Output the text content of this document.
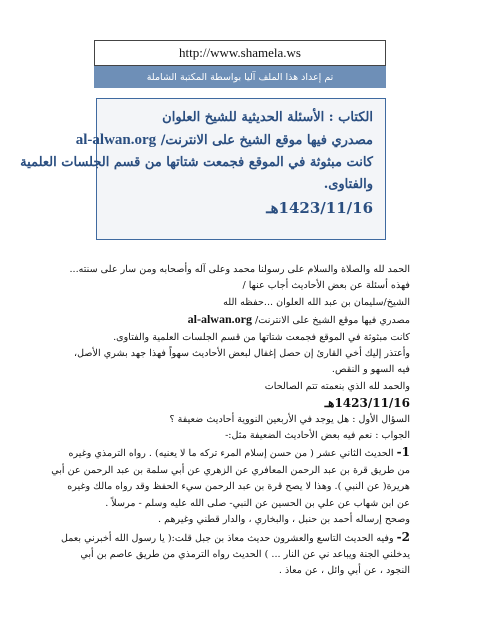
http://www.shamela.ws
تم إعداد هذا الملف آليا بواسطة المكتبة الشاملة
الكتاب : الأسئلة الحديثية للشيخ العلوان
مصدري فيها موقع الشيخ على الانترنت/ al-alwan.org
كانت مبثوثة في الموقع فجمعت شتاتها من قسم الجلسات العلمية
والفتاوى.
1423/11/16هـ
الحمد لله والصلاة والسلام على رسولنا محمد وعلى آله وأصحابه ومن سار على سنته...
فهذه أسئلة عن بعض الأحاديث أجاب عنها /
الشيخ/سليمان بن عبد الله العلوان ...حفظه الله
مصدري فيها موقع الشيخ على الانترنت/ al-alwan.org
كانت مبثوثة في الموقع فجمعت شتاتها من قسم الجلسات العلمية والفتاوى.
وأعتذر إليك أخي القارئ إن حصل إغفال لبعض الأحاديث سهواً فهذا جهد بشري الأصل،
فيه السهو و النقص.
والحمد لله الذي بنعمته تتم الصالحات
1423/11/16هـ
السؤال الأول : هل يوجد في الأربعين النووية أحاديث ضعيفة ؟
الجواب : نعم فيه بعض الأحاديث الضعيفة مثل:-
1- الحديث الثاني عشر ( من حسن إسلام المرء تركه ما لا يعنيه) . رواه الترمذي وغيره
من طريق قرة بن عبد الرحمن المعافري عن الزهري عن أبي سلمة بن عبد الرحمن عن أبي
هريرة( عن النبي ). وهذا لا يصح قرة بن عبد الرحمن سيء الحفظ وقد رواه مالك وغيره
عن ابن شهاب عن علي بن الحسين عن النبي- صلى الله عليه وسلم - مرسلاً .
وصحح إرساله أحمد بن حنبل ، والبخاري ، والدار قطني وغيرهم .
2- وفيه الحديث التاسع والعشرون حديث معاذ بن جبل قلت:( يا رسول الله أخبرني بعمل
يدخلني الجنة ويباعد ني عن النار ... ) الحديث رواه الترمذي من طريق عاصم بن أبي
النجود ، عن أبي وائل ، عن معاذ .
